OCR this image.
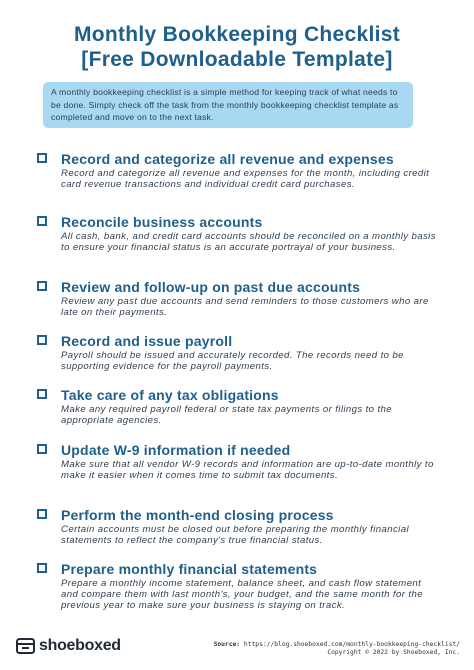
Monthly Bookkeeping Checklist
[Free Downloadable Template]
A monthly bookkeeping checklist is a simple method for keeping track of what needs to be done. Simply check off the task from the monthly bookkeeping checklist template as completed and move on to the next task.
Record and categorize all revenue and expenses
Record and categorize all revenue and expenses for the month, including credit card revenue transactions and individual credit card purchases.
Reconcile business accounts
All cash, bank, and credit card accounts should be reconciled on a monthly basis to ensure your financial status is an accurate portrayal of your business.
Review and follow-up on past due accounts
Review any past due accounts and send reminders to those customers who are late on their payments.
Record and issue payroll
Payroll should be issued and accurately recorded. The records need to be supporting evidence for the payroll payments.
Take care of any tax obligations
Make any required payroll federal or state tax payments or filings to the appropriate agencies.
Update W-9 information if needed
Make sure that all vendor W-9 records and information are up-to-date monthly to make it easier when it comes time to submit tax documents.
Perform the month-end closing process
Certain accounts must be closed out before preparing the monthly financial statements to reflect the company's true financial status.
Prepare monthly financial statements
Prepare a monthly income statement, balance sheet, and cash flow statement and compare them with last month's, your budget, and the same month for the previous year to make sure your business is staying on track.
shoeboxed	Source: https://blog.shoeboxed.com/monthly-bookkeeping-checklist/
Copyright © 2022 by Shoeboxed, Inc.
